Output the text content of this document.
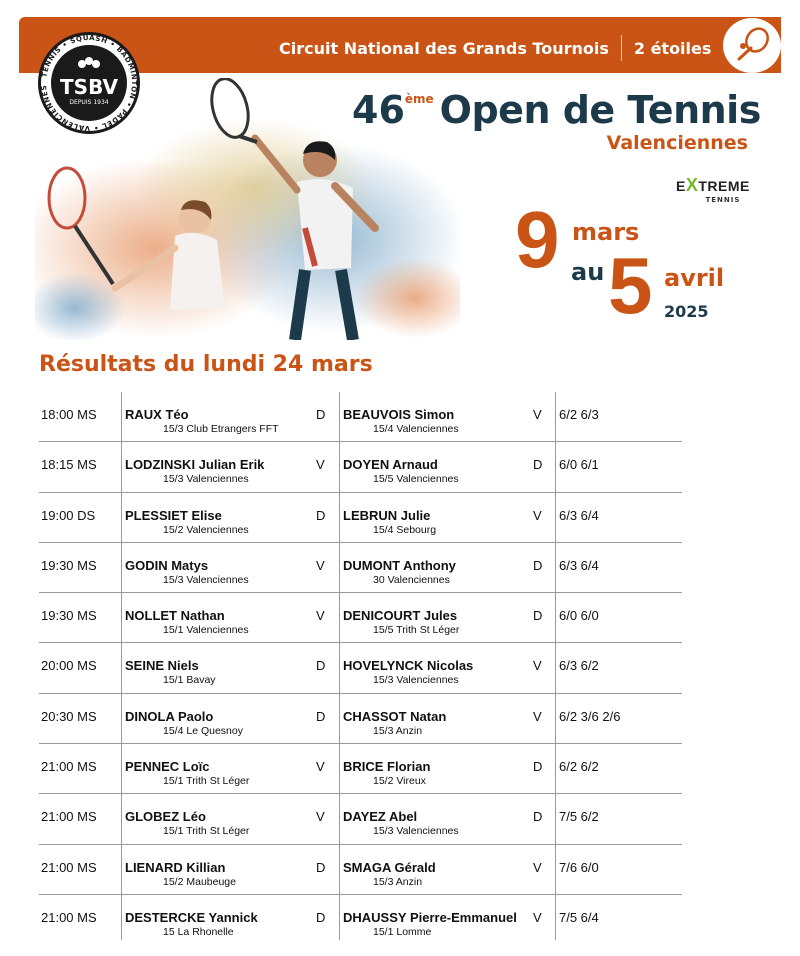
Circuit National des Grands Tournois 2 étoiles
TENNIS • SQUASH • BADMINTON • PADEL • VALENCIENNES TSBV
DEPUIS 1934	46ème Open de Tennis
Valenciennes
EXTREME
TENNIS
9 mars
au 5 avril
2025
Résultats du lundi 24 mars
18:00 MS RAUX Téo
15/3 Club Etrangers FFT
D BEAUVOIS Simon
15/4 Valenciennes
V 6/2 6/3
18:15 MS LODZINSKI Julian Erik
15/3 Valenciennes
V DOYEN Arnaud
15/5 Valenciennes
D 6/0 6/1
19:00 DS PLESSIET Elise
15/2 Valenciennes
D LEBRUN Julie
15/4 Sebourg
V 6/3 6/4
19:30 MS GODIN Matys
15/3 Valenciennes
V DUMONT Anthony
30 Valenciennes
D 6/3 6/4
19:30 MS NOLLET Nathan
15/1 Valenciennes
V DENICOURT Jules
15/5 Trith St Léger
D 6/0 6/0
20:00 MS SEINE Niels
15/1 Bavay
D HOVELYNCK Nicolas
15/3 Valenciennes
V 6/3 6/2
20:30 MS DINOLA Paolo
15/4 Le Quesnoy
D CHASSOT Natan
15/3 Anzin
V 6/2 3/6 2/6
21:00 MS PENNEC Loïc
15/1 Trith St Léger
V BRICE Florian
15/2 Vireux
D 6/2 6/2
21:00 MS GLOBEZ Léo
15/1 Trith St Léger
V DAYEZ Abel
15/3 Valenciennes
D 7/5 6/2
21:00 MS LIENARD Killian
15/2 Maubeuge
D SMAGA Gérald
15/3 Anzin
V 7/6 6/0
21:00 MS DESTERCKE Yannick
15 La Rhonelle
D DHAUSSY Pierre-Emmanuel
15/1 Lomme
V 7/5 6/4
